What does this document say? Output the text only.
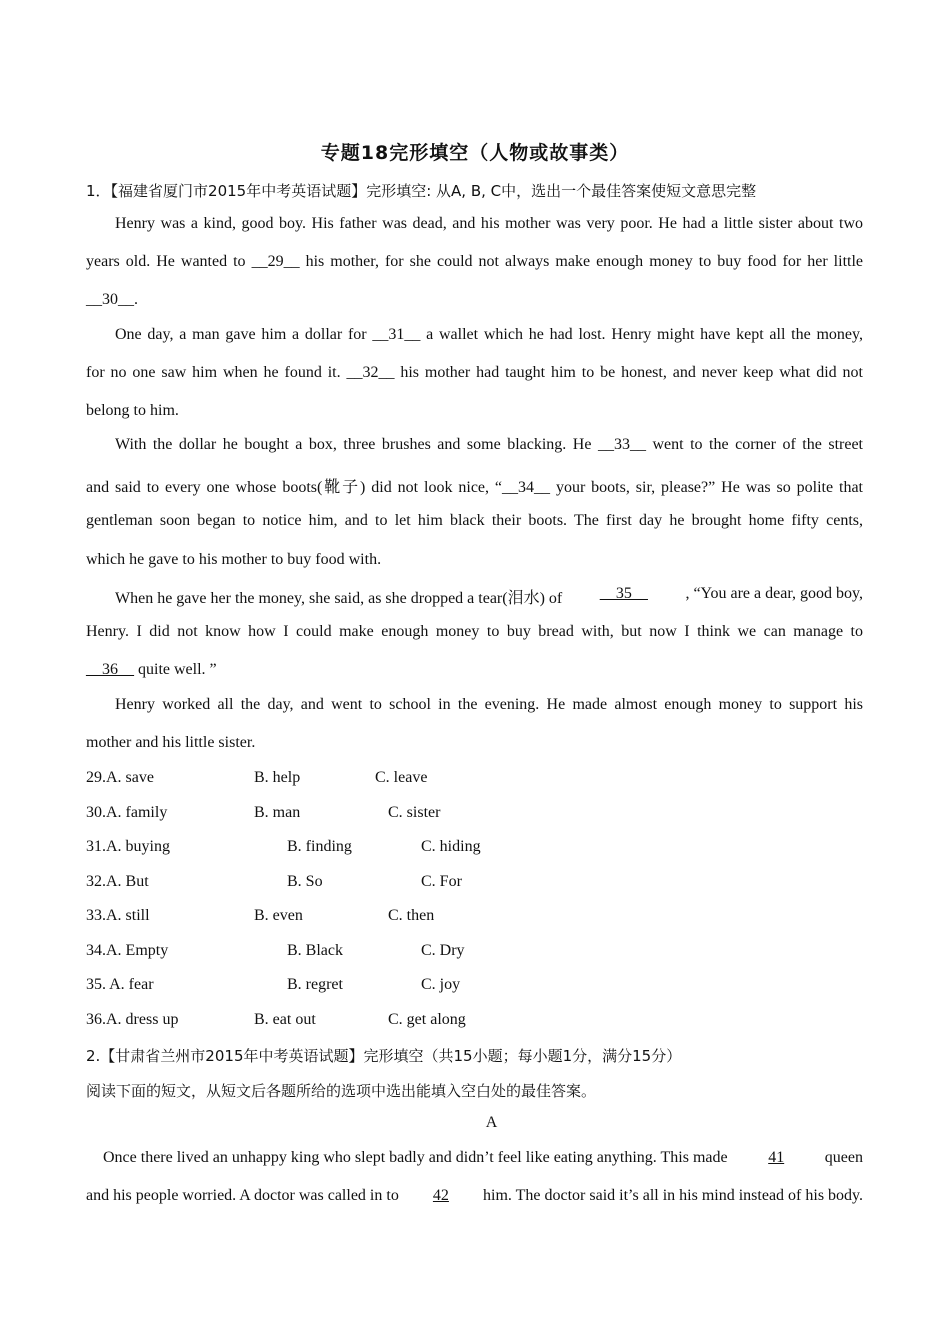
专题18完形填空（人物或故事类）
1．【福建省厦门市2015年中考英语试题】完形填空: 从A, B, C中，选出一个最佳答案使短文意思完整
Henry was a kind, good boy. His father was dead, and his mother was very poor. He had a little sister about two
years old. He wanted to __29__ his mother, for she could not always make enough money to buy food for her little
__30__.
One day, a man gave him a dollar for __31__ a wallet which he had lost. Henry might have kept all the money,
for no one saw him when he found it. __32__ his mother had taught him to be honest, and never keep what did not
belong to him.
With the dollar he bought a box, three brushes and some blacking. He __33__ went to the corner of the street
and said to every one whose boots(靴子) did not look nice, “__34__ your boots, sir, please?” He was so polite that
gentleman soon began to notice him, and to let him black their boots. The first day he brought home fifty cents,
which he gave to his mother to buy food with.
When he gave her the money, she said, as she dropped a tear(泪水) of __35__ , “You are a dear, good boy,
Henry. I did not know how I could make enough money to buy bread with, but now I think we can manage to
__36__ quite well. ”
Henry worked all the day, and went to school in the evening. He made almost enough money to support his
mother and his little sister.
29.A. save	B. help	C. leave
30.A. family	B. man	C. sister
31.A. buying	B. finding	C. hiding
32.A. But	B. So	C. For
33.A. still	B. even	C. then
34.A. Empty	B. Black	C. Dry
35. A. fear	B. regret	C. joy
36.A. dress up	B. eat out	C. get along
2.【甘肃省兰州市2015年中考英语试题】完形填空（共15小题；每小题1分，满分15分）
阅读下面的短文，从短文后各题所给的选项中选出能填入空白处的最佳答案。
A
Once there lived an unhappy king who slept badly and didn’t feel like eating anything. This made	41	queen
and his people worried. A doctor was called in to	42	him. The doctor said it’s all in his mind instead of his body.
